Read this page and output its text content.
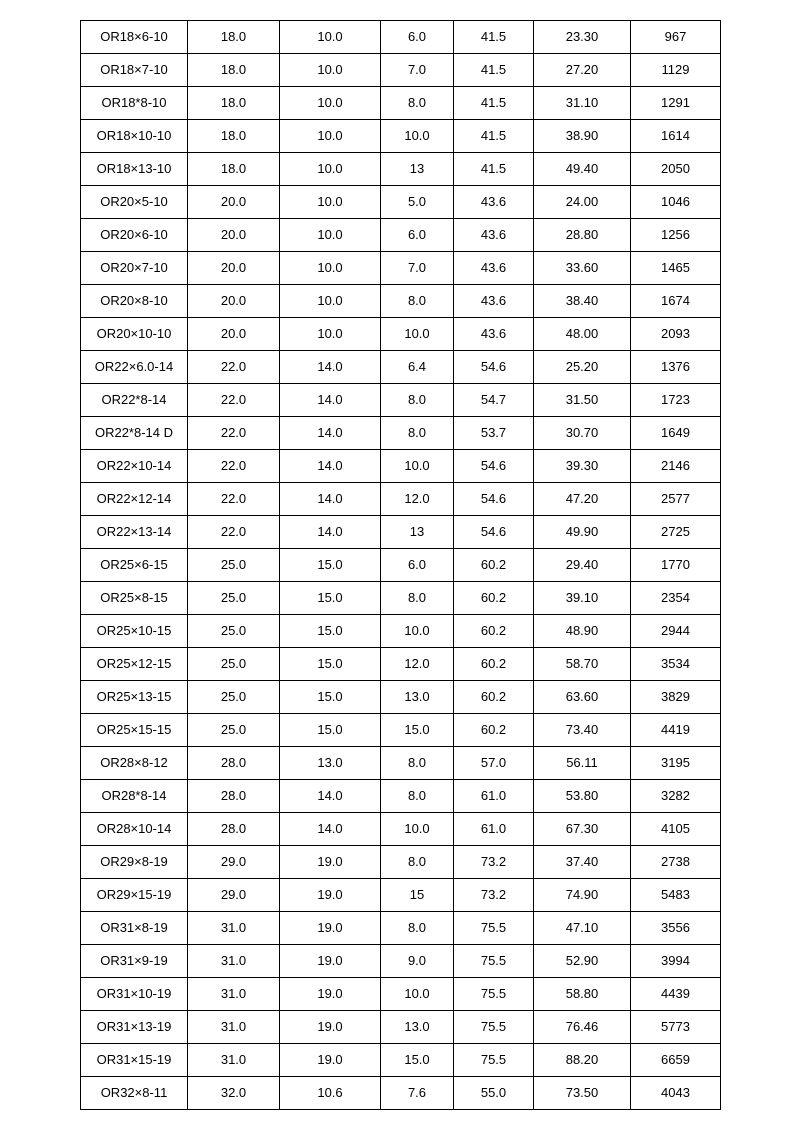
OR18×6-10	18.0	10.0	6.0	41.5	23.30	967
OR18×7-10	18.0	10.0	7.0	41.5	27.20	1129
OR18*8-10	18.0	10.0	8.0	41.5	31.10	1291
OR18×10-10	18.0	10.0	10.0	41.5	38.90	1614
OR18×13-10	18.0	10.0	13	41.5	49.40	2050
OR20×5-10	20.0	10.0	5.0	43.6	24.00	1046
OR20×6-10	20.0	10.0	6.0	43.6	28.80	1256
OR20×7-10	20.0	10.0	7.0	43.6	33.60	1465
OR20×8-10	20.0	10.0	8.0	43.6	38.40	1674
OR20×10-10	20.0	10.0	10.0	43.6	48.00	2093
OR22×6.0-14	22.0	14.0	6.4	54.6	25.20	1376
OR22*8-14	22.0	14.0	8.0	54.7	31.50	1723
OR22*8-14 D	22.0	14.0	8.0	53.7	30.70	1649
OR22×10-14	22.0	14.0	10.0	54.6	39.30	2146
OR22×12-14	22.0	14.0	12.0	54.6	47.20	2577
OR22×13-14	22.0	14.0	13	54.6	49.90	2725
OR25×6-15	25.0	15.0	6.0	60.2	29.40	1770
OR25×8-15	25.0	15.0	8.0	60.2	39.10	2354
OR25×10-15	25.0	15.0	10.0	60.2	48.90	2944
OR25×12-15	25.0	15.0	12.0	60.2	58.70	3534
OR25×13-15	25.0	15.0	13.0	60.2	63.60	3829
OR25×15-15	25.0	15.0	15.0	60.2	73.40	4419
OR28×8-12	28.0	13.0	8.0	57.0	56.11	3195
OR28*8-14	28.0	14.0	8.0	61.0	53.80	3282
OR28×10-14	28.0	14.0	10.0	61.0	67.30	4105
OR29×8-19	29.0	19.0	8.0	73.2	37.40	2738
OR29×15-19	29.0	19.0	15	73.2	74.90	5483
OR31×8-19	31.0	19.0	8.0	75.5	47.10	3556
OR31×9-19	31.0	19.0	9.0	75.5	52.90	3994
OR31×10-19	31.0	19.0	10.0	75.5	58.80	4439
OR31×13-19	31.0	19.0	13.0	75.5	76.46	5773
OR31×15-19	31.0	19.0	15.0	75.5	88.20	6659
OR32×8-11	32.0	10.6	7.6	55.0	73.50	4043
